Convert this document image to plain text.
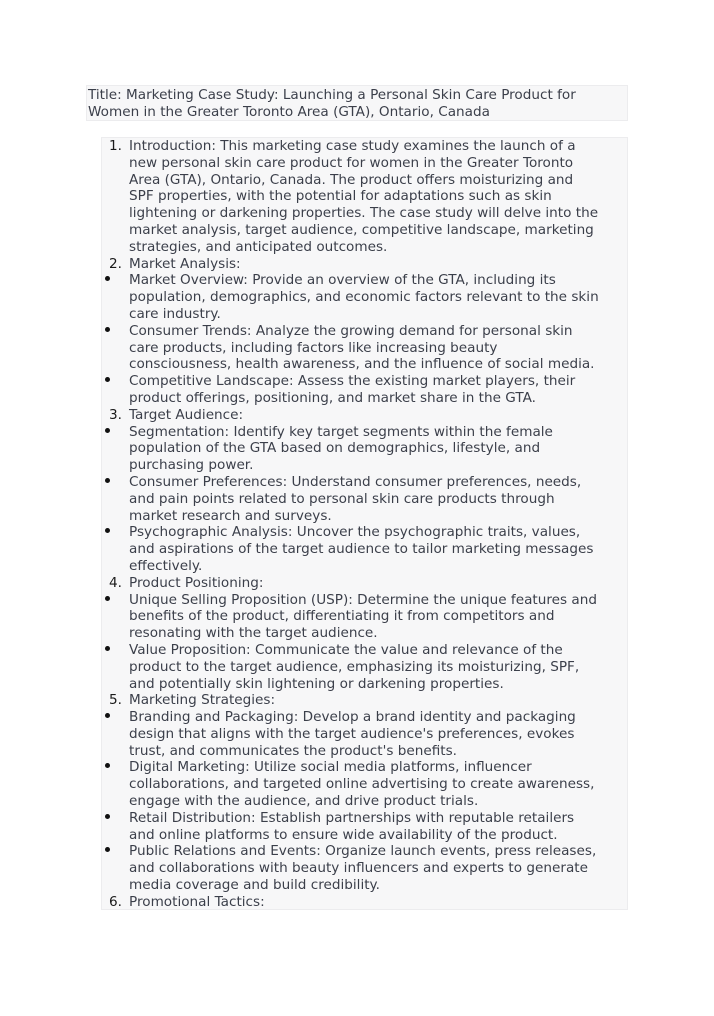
Title: Marketing Case Study: Launching a Personal Skin Care Product for
Women in the Greater Toronto Area (GTA), Ontario, Canada
1. Introduction: This marketing case study examines the launch of a
new personal skin care product for women in the Greater Toronto
Area (GTA), Ontario, Canada. The product offers moisturizing and
SPF properties, with the potential for adaptations such as skin
lightening or darkening properties. The case study will delve into the
market analysis, target audience, competitive landscape, marketing
strategies, and anticipated outcomes.
2. Market Analysis:
Market Overview: Provide an overview of the GTA, including its
population, demographics, and economic factors relevant to the skin
care industry.
Consumer Trends: Analyze the growing demand for personal skin
care products, including factors like increasing beauty
consciousness, health awareness, and the influence of social media.
Competitive Landscape: Assess the existing market players, their
product offerings, positioning, and market share in the GTA.
3. Target Audience:
Segmentation: Identify key target segments within the female
population of the GTA based on demographics, lifestyle, and
purchasing power.
Consumer Preferences: Understand consumer preferences, needs,
and pain points related to personal skin care products through
market research and surveys.
Psychographic Analysis: Uncover the psychographic traits, values,
and aspirations of the target audience to tailor marketing messages
effectively.
4. Product Positioning:
Unique Selling Proposition (USP): Determine the unique features and
benefits of the product, differentiating it from competitors and
resonating with the target audience.
Value Proposition: Communicate the value and relevance of the
product to the target audience, emphasizing its moisturizing, SPF,
and potentially skin lightening or darkening properties.
5. Marketing Strategies:
Branding and Packaging: Develop a brand identity and packaging
design that aligns with the target audience's preferences, evokes
trust, and communicates the product's benefits.
Digital Marketing: Utilize social media platforms, influencer
collaborations, and targeted online advertising to create awareness,
engage with the audience, and drive product trials.
Retail Distribution: Establish partnerships with reputable retailers
and online platforms to ensure wide availability of the product.
Public Relations and Events: Organize launch events, press releases,
and collaborations with beauty influencers and experts to generate
media coverage and build credibility.
6. Promotional Tactics:
